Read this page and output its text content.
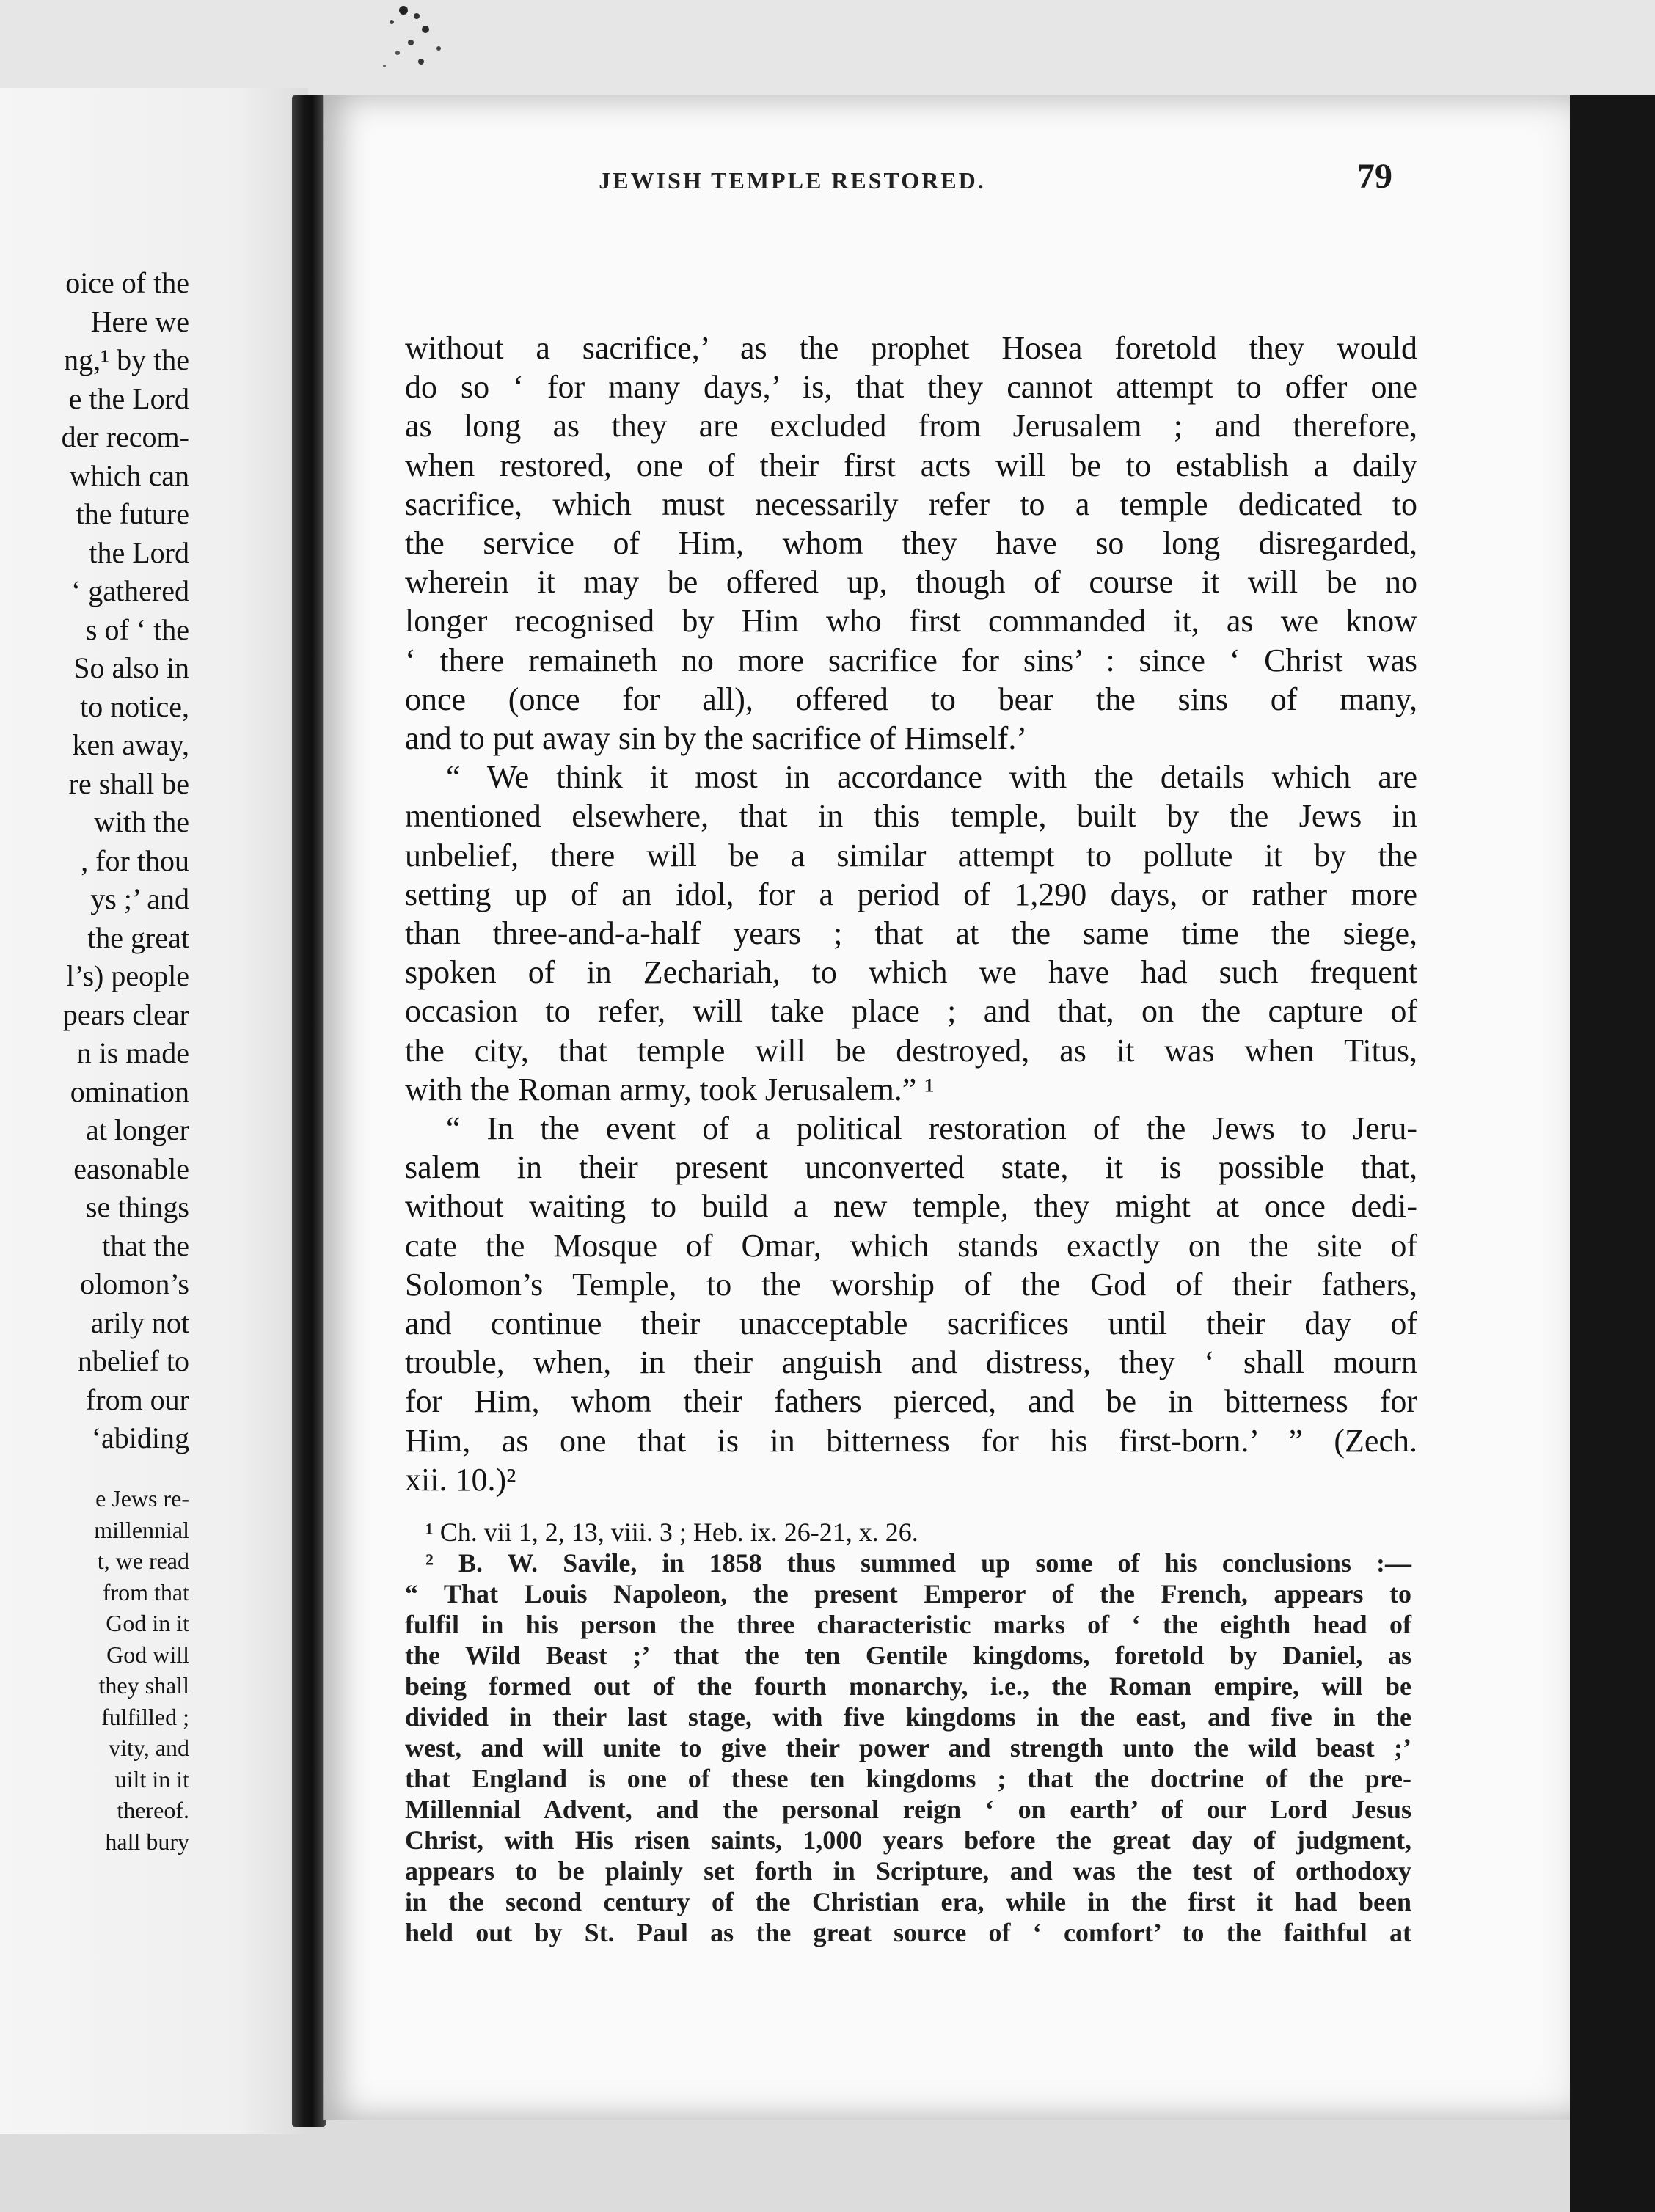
oice of the

Here we

ng,¹ by the

e the Lord

der recom-

which can

the future

the Lord

‘ gathered

s of ‘ the

So also in

to notice,

ken away,

re shall be

with the

, for thou

ys ;’ and

the great

l’s) people

pears clear

n is made

omination

at longer

easonable

se things

that the

olomon’s

arily not

nbelief to

from our

‘abiding

e Jews re-

millennial

t, we read

from that

God in it

God will

they shall

fulfilled ;

vity, and

uilt in it

thereof.

hall bury

JEWISH TEMPLE RESTORED.	79
without a sacrifice,’ as the prophet Hosea foretold they would
do so ‘ for many days,’ is, that they cannot attempt to offer one
as long as they are excluded from Jerusalem ; and therefore,
when restored, one of their first acts will be to establish a daily
sacrifice, which must necessarily refer to a temple dedicated to
the service of Him, whom they have so long disregarded,
wherein it may be offered up, though of course it will be no
longer recognised by Him who first commanded it, as we know
‘ there remaineth no more sacrifice for sins’ : since ‘ Christ was
once (once for all), offered to bear the sins of many,
and to put away sin by the sacrifice of Himself.’
“ We think it most in accordance with the details which are
mentioned elsewhere, that in this temple, built by the Jews in
unbelief, there will be a similar attempt to pollute it by the
setting up of an idol, for a period of 1,290 days, or rather more
than three-and-a-half years ; that at the same time the siege,
spoken of in Zechariah, to which we have had such frequent
occasion to refer, will take place ; and that, on the capture of
the city, that temple will be destroyed, as it was when Titus,
with the Roman army, took Jerusalem.” ¹
“ In the event of a political restoration of the Jews to Jeru-
salem in their present unconverted state, it is possible that,
without waiting to build a new temple, they might at once dedi-
cate the Mosque of Omar, which stands exactly on the site of
Solomon’s Temple, to the worship of the God of their fathers,
and continue their unacceptable sacrifices until their day of
trouble, when, in their anguish and distress, they ‘ shall mourn
for Him, whom their fathers pierced, and be in bitterness for
Him, as one that is in bitterness for his first-born.’ ” (Zech.
xii. 10.)²
¹ Ch. vii 1, 2, 13, viii. 3 ; Heb. ix. 26-21, x. 26.
² B. W. Savile, in 1858 thus summed up some of his conclusions :—
“ That Louis Napoleon, the present Emperor of the French, appears to
fulfil in his person the three characteristic marks of ‘ the eighth head of
the Wild Beast ;’ that the ten Gentile kingdoms, foretold by Daniel, as
being formed out of the fourth monarchy, i.e., the Roman empire, will be
divided in their last stage, with five kingdoms in the east, and five in the
west, and will unite to give their power and strength unto the wild beast ;’
that England is one of these ten kingdoms ; that the doctrine of the pre-
Millennial Advent, and the personal reign ‘ on earth’ of our Lord Jesus
Christ, with His risen saints, 1,000 years before the great day of judgment,
appears to be plainly set forth in Scripture, and was the test of orthodoxy
in the second century of the Christian era, while in the first it had been
held out by St. Paul as the great source of ‘ comfort’ to the faithful at
